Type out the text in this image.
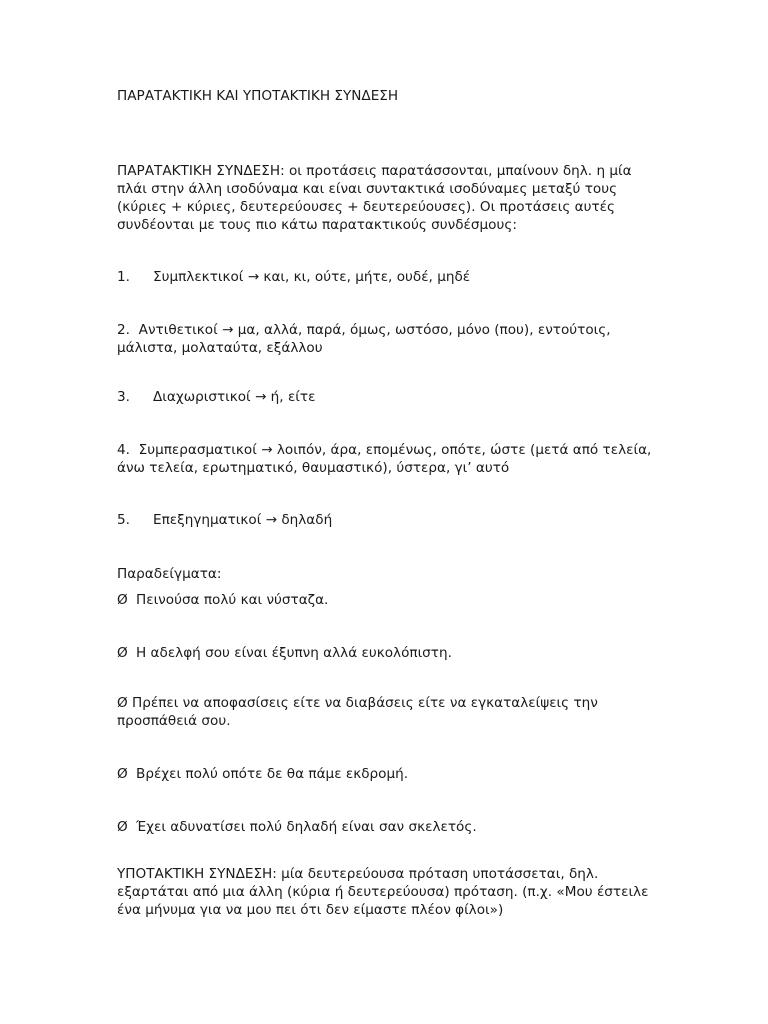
ΠΑΡΑΤΑΚΤΙΚΗ ΚΑΙ ΥΠΟΤΑΚΤΙΚΗ ΣΥΝΔΕΣΗ

ΠΑΡΑΤΑΚΤΙΚΗ ΣΥΝΔΕΣΗ: οι προτάσεις παρατάσσονται, μπαίνουν δηλ. η μία πλάι στην άλλη ισοδύναμα και είναι συντακτικά ισοδύναμες μεταξύ τους (κύριες + κύριες, δευτερεύουσες + δευτερεύουσες). Οι προτάσεις αυτές συνδέονται με τους πιο κάτω παρατακτικούς συνδέσμους:

1. Συμπλεκτικοί → και, κι, ούτε, μήτε, ουδέ, μηδέ

2. Αντιθετικοί → μα, αλλά, παρά, όμως, ωστόσο, μόνο (που), εντούτοις, μάλιστα, μολαταύτα, εξάλλου

3. Διαχωριστικοί → ή, είτε

4. Συμπερασματικοί → λοιπόν, άρα, επομένως, οπότε, ώστε (μετά από τελεία, άνω τελεία, ερωτηματικό, θαυμαστικό), ύστερα, γι’ αυτό

5. Επεξηγηματικοί → δηλαδή

Παραδείγματα:

Ø Πεινούσα πολύ και νύσταζα.

Ø Η αδελφή σου είναι έξυπνη αλλά ευκολόπιστη.

Ø Πρέπει να αποφασίσεις είτε να διαβάσεις είτε να εγκαταλείψεις την προσπάθειά σου.

Ø Βρέχει πολύ οπότε δε θα πάμε εκδρομή.

Ø Έχει αδυνατίσει πολύ δηλαδή είναι σαν σκελετός.

ΥΠΟΤΑΚΤΙΚΗ ΣΥΝΔΕΣΗ: μία δευτερεύουσα πρόταση υποτάσσεται, δηλ. εξαρτάται από μια άλλη (κύρια ή δευτερεύουσα) πρόταση. (π.χ. «Μου έστειλε ένα μήνυμα για να μου πει ότι δεν είμαστε πλέον φίλοι»)
